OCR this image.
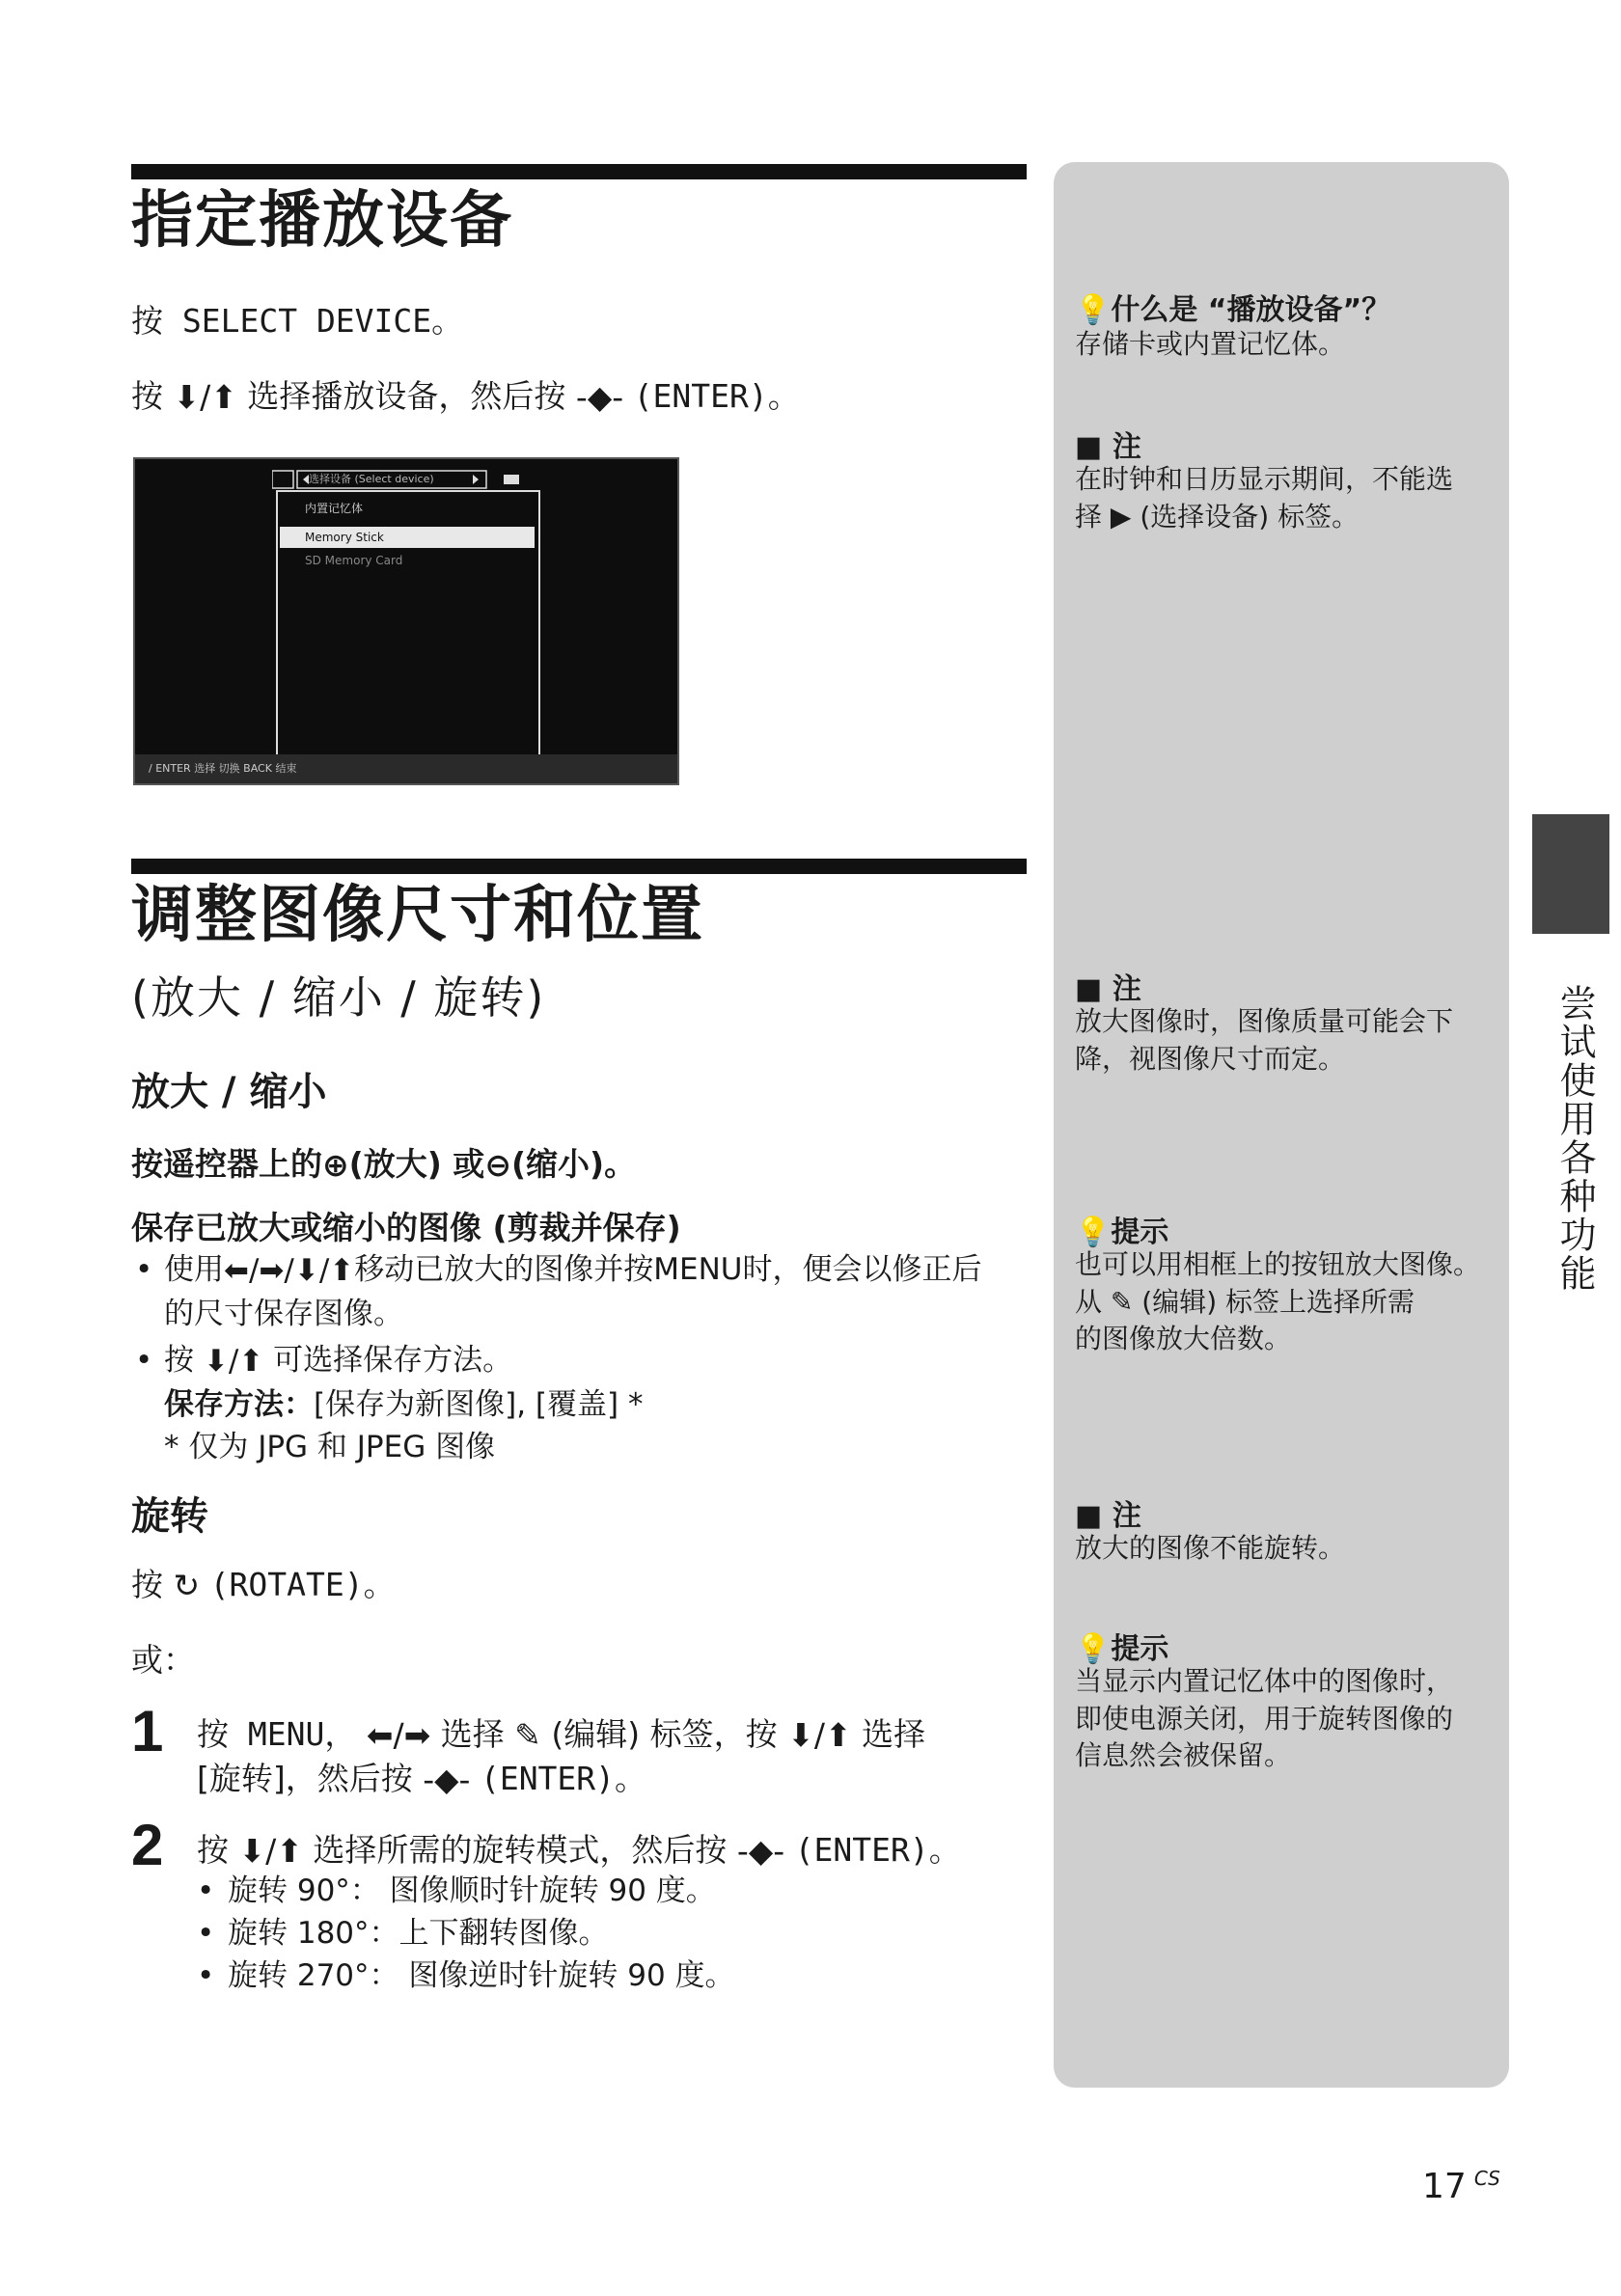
指定播放设备
按 SELECT DEVICE。
按 ⬇/⬆ 选择播放设备，然后按 -◆- (ENTER)。
选择设备 (Select device)
内置记忆体
Memory Stick
SD Memory Card
/ ENTER 选择 切换 BACK 结束
调整图像尺寸和位置
(放大 / 缩小 / 旋转)
放大 / 缩小
按遥控器上的⊕(放大) 或⊖(缩小)。
保存已放大或缩小的图像 (剪裁并保存)
• 使用⬅/➡/⬇/⬆移动已放大的图像并按MENU时，便会以修正后
的尺寸保存图像。
• 按 ⬇/⬆ 可选择保存方法。
保存方法：[保存为新图像], [覆盖] *
* 仅为 JPG 和 JPEG 图像
旋转
按 ↻ (ROTATE)。
或：
1 按 MENU， ⬅/➡ 选择 ✎ (编辑) 标签，按 ⬇/⬆ 选择
[旋转]，然后按 -◆- (ENTER)。
2 按 ⬇/⬆ 选择所需的旋转模式，然后按 -◆- (ENTER)。
• 旋转 90°： 图像顺时针旋转 90 度。
• 旋转 180°：上下翻转图像。
• 旋转 270°： 图像逆时针旋转 90 度。
💡什么是 “播放设备”？
存储卡或内置记忆体。
■ 注
在时钟和日历显示期间，不能选
择 ▶ (选择设备) 标签。
■ 注
放大图像时，图像质量可能会下
降，视图像尺寸而定。
💡提示
也可以用相框上的按钮放大图像。
从 ✎ (编辑) 标签上选择所需
的图像放大倍数。
■ 注
放大的图像不能旋转。
💡提示
当显示内置记忆体中的图像时，
即使电源关闭，用于旋转图像的
信息然会被保留。
尝试使用各种功能
17 $^{CS}$
